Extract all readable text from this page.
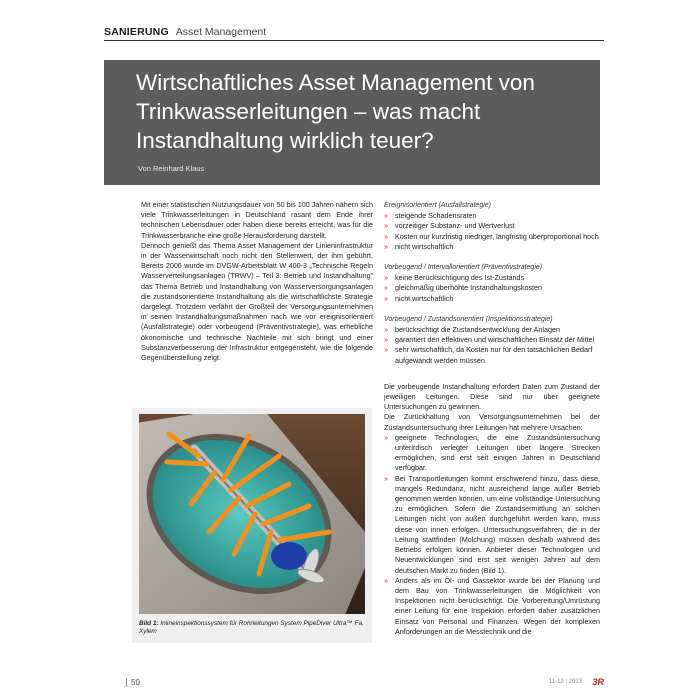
SANIERUNG Asset Management
Wirtschaftliches Asset Management von Trinkwasserleitungen – was macht Instandhaltung wirklich teuer?
Von Reinhard Klaus

Mit einer statistischen Nutzungsdauer von 50 bis 100 Jahren nähern sich viele Trinkwasserleitungen in Deutschland rasant dem Ende ihrer technischen Lebensdauer oder haben diese bereits erreicht, was für die Trinkwasserbranche eine große Herausforderung darstellt.

Dennoch genießt das Thema Asset Management der Linieninfrastruktur in der Wasserwirtschaft noch nicht den Stellenwert, der ihm gebührt. Bereits 2006 wurde im DVGW-Arbeitsblatt W 400-3 „Technische Regeln Wasserverteilungsanlagen (TRWV) – Teil 3: Betrieb und Instandhaltung“ das Thema Betrieb und Instandhaltung von Wasserversorgungsanlagen die zustandsorientierte Instandhaltung als die wirtschaftlichste Strategie dargelegt. Trotzdem verfährt der Großteil der Versorgungsunternehmen in seinen Instandhaltungsmaßnahmen nach wie vor ereignisorientiert (Ausfallstrategie) oder vorbeugend (Präventivstrategie), was erhebliche ökonomische und technische Nachteile mit sich bringt und einer Substanzverbesserung der Infrastruktur entgegensteht, wie die folgende Gegenüberstellung zeigt.

Bild 1: Inlineinspektionssystem für Rohrleitungen System PipeDiver Ultra™ Fa. Xylem

Ereignisorientiert (Ausfallstrategie)

» steigende Schadensraten
» vorzeitiger Substanz- und Wertverlust
» Kosten nur kurzfristig niedriger, langfristig überproportional hoch
» nicht wirtschaftlich

Vorbeugend / Intervallorientiert (Präventivstrategie)

» keine Berücksichtigung des Ist-Zustands
» gleichmäßig überhöhte Instandhaltungskosten
» nicht wirtschaftlich

Vorbeugend / Zustandsorientiert (Inspektionsstrategie)

» berücksichtigt die Zustandsentwicklung der Anlagen
» garantiert den effektiven und wirtschaftlichen Einsatz der Mittel
» sehr wirtschaftlich, da Kosten nur für den tatsächlichen Bedarf aufgewandt werden müssen

Die vorbeugende Instandhaltung erfordert Daten zum Zustand der jeweiligen Leitungen. Diese sind nur über geeignete Untersuchungen zu gewinnen.

Die Zurückhaltung von Versorgungsunternehmen bei der Zustandsuntersuchung ihrer Leitungen hat mehrere Ursachen:

» geeignete Technologien, die eine Zustandsuntersuchung unterirdisch verlegter Leitungen über längere Strecken ermöglichen, sind erst seit einigen Jahren in Deutschland verfügbar.
» Bei Transportleitungen kommt erschwerend hinzu, dass diese, mangels Redundanz, nicht ausreichend lange außer Betrieb genommen werden können, um eine vollständige Untersuchung zu ermöglichen. Sofern die Zustandsermittlung an solchen Leitungen nicht von außen durchgeführt werden kann, muss diese von innen erfolgen. Untersuchungsverfahren, die in der Leitung stattfinden (Molchung) müssen deshalb während des Betriebs erfolgen können. Anbieter dieser Technologien und Neuentwicklungen sind erst seit wenigen Jahren auf dem deutschen Markt zu finden (Bild 1).
» Anders als im Öl- und Gassektor wurde bei der Planung und dem Bau von Trinkwasserleitungen die Möglichkeit von Inspektionen nicht berücksichtigt. Die Vorbereitung/Umrüstung einer Leitung für eine Inspektion erfordert daher zusätzlichen Einsatz von Personal und Finanzen. Wegen der komplexen Anforderungen an die Messtechnik und die
50	11-12 | 2023 3R
